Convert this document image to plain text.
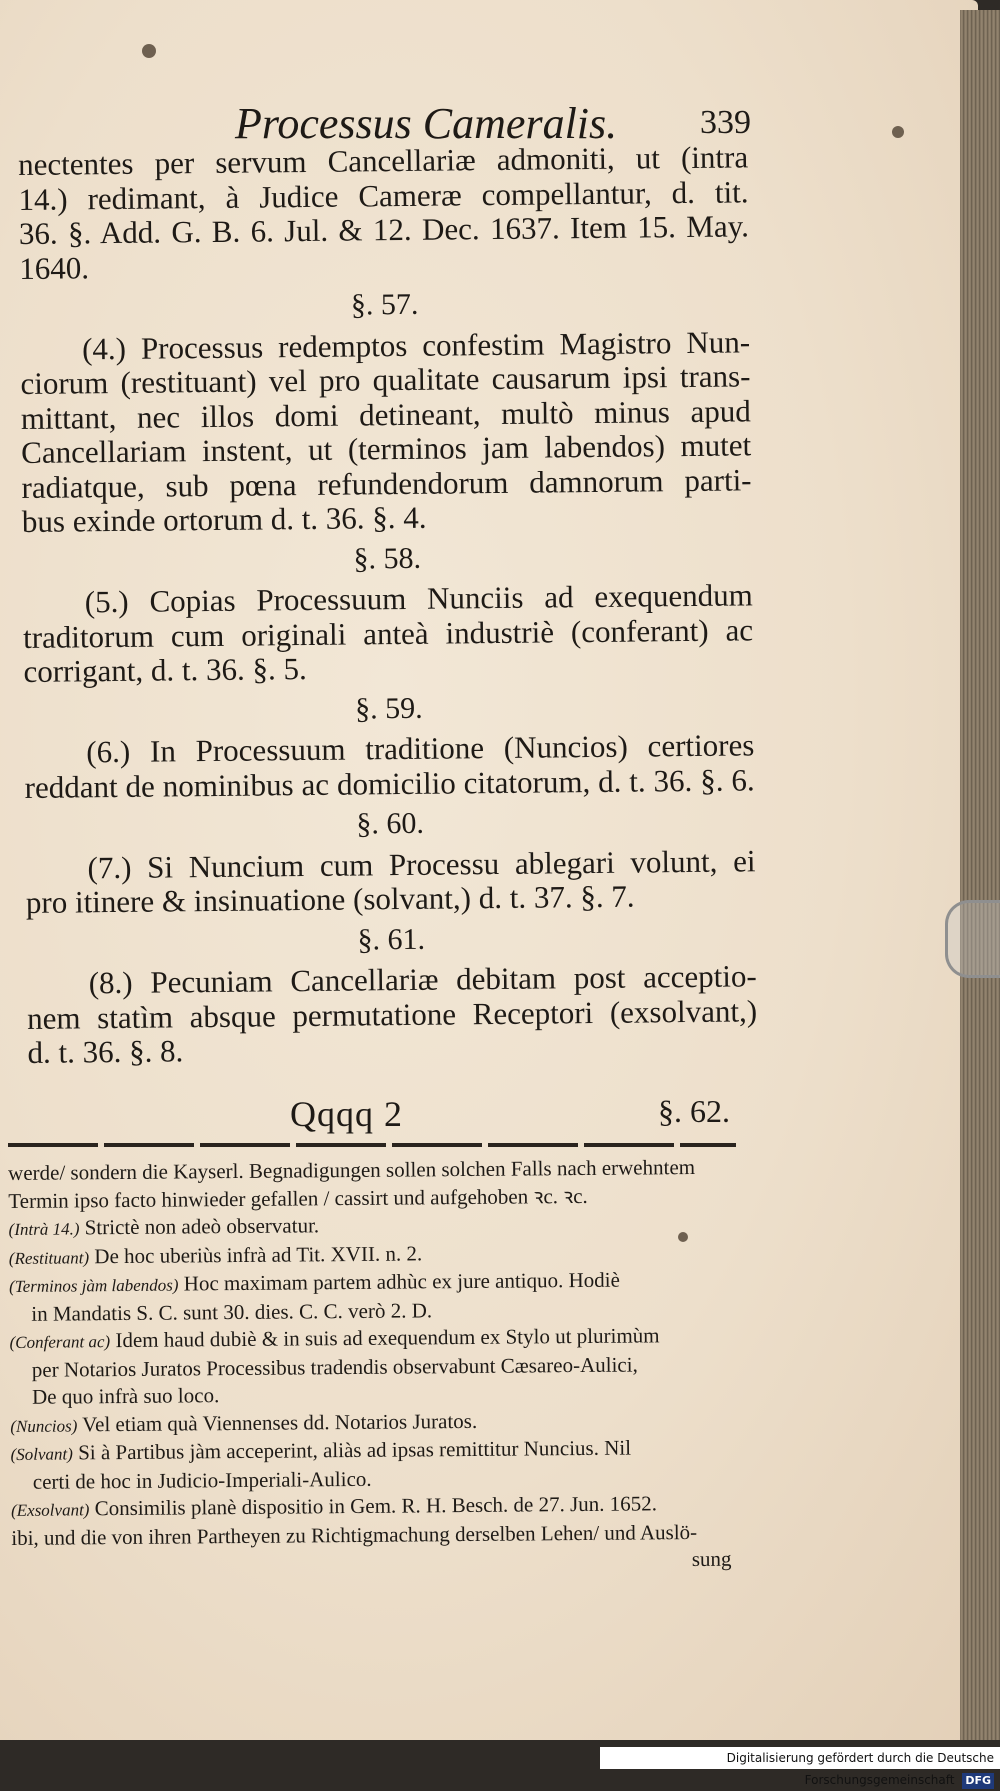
Processus Cameralis. 339
nectentes per servum Cancellariæ admoniti, ut (intra
14.) redimant, à Judice Cameræ compellantur, d. tit.
36. §. Add. G. B. 6. Jul. & 12. Dec. 1637. Item 15. May.
1640.
§. 57.
(4.) Processus redemptos confestim Magistro Nun-
ciorum (restituant) vel pro qualitate causarum ipsi trans-
mittant, nec illos domi detineant, multò minus apud
Cancellariam instent, ut (terminos jam labendos) mutet
radiatque, sub pœna refundendorum damnorum parti-
bus exinde ortorum d. t. 36. §. 4.
§. 58.
(5.) Copias Processuum Nunciis ad exequendum
traditorum cum originali anteà industriè (conferant) ac
corrigant, d. t. 36. §. 5.
§. 59.
(6.) In Processuum traditione (Nuncios) certiores
reddant de nominibus ac domicilio citatorum, d. t. 36. §. 6.
§. 60.
(7.) Si Nuncium cum Processu ablegari volunt, ei
pro itinere & insinuatione (solvant,) d. t. 37. §. 7.
§. 61.
(8.) Pecuniam Cancellariæ debitam post acceptio-
nem statìm absque permutatione Receptori (exsolvant,)
d. t. 36. §. 8.
Qqqq 2	§. 62.
werde/ sondern die Kayserl. Begnadigungen sollen solchen Falls nach erwehntem
Termin ipso facto hinwieder gefallen / cassirt und aufgehoben ꝛc. ꝛc.
(Intrà 14.) Strictè non adeò observatur.
(Restituant) De hoc uberiùs infrà ad Tit. XVII. n. 2.
(Terminos jàm labendos) Hoc maximam partem adhùc ex jure antiquo. Hodiè
in Mandatis S. C. sunt 30. dies. C. C. verò 2. D.
(Conferant ac) Idem haud dubiè & in suis ad exequendum ex Stylo ut plurimùm
per Notarios Juratos Processibus tradendis observabunt Cæsareo-Aulici,
De quo infrà suo loco.
(Nuncios) Vel etiam quà Viennenses dd. Notarios Juratos.
(Solvant) Si à Partibus jàm acceperint, aliàs ad ipsas remittitur Nuncius. Nil
certi de hoc in Judicio-Imperiali-Aulico.
(Exsolvant) Consimilis planè dispositio in Gem. R. H. Besch. de 27. Jun. 1652.
ibi, und die von ihren Partheyen zu Richtigmachung derselben Lehen/ und Auslö-
sung
Digitalisierung gefördert durch die Deutsche Forschungsgemeinschaft DFG
